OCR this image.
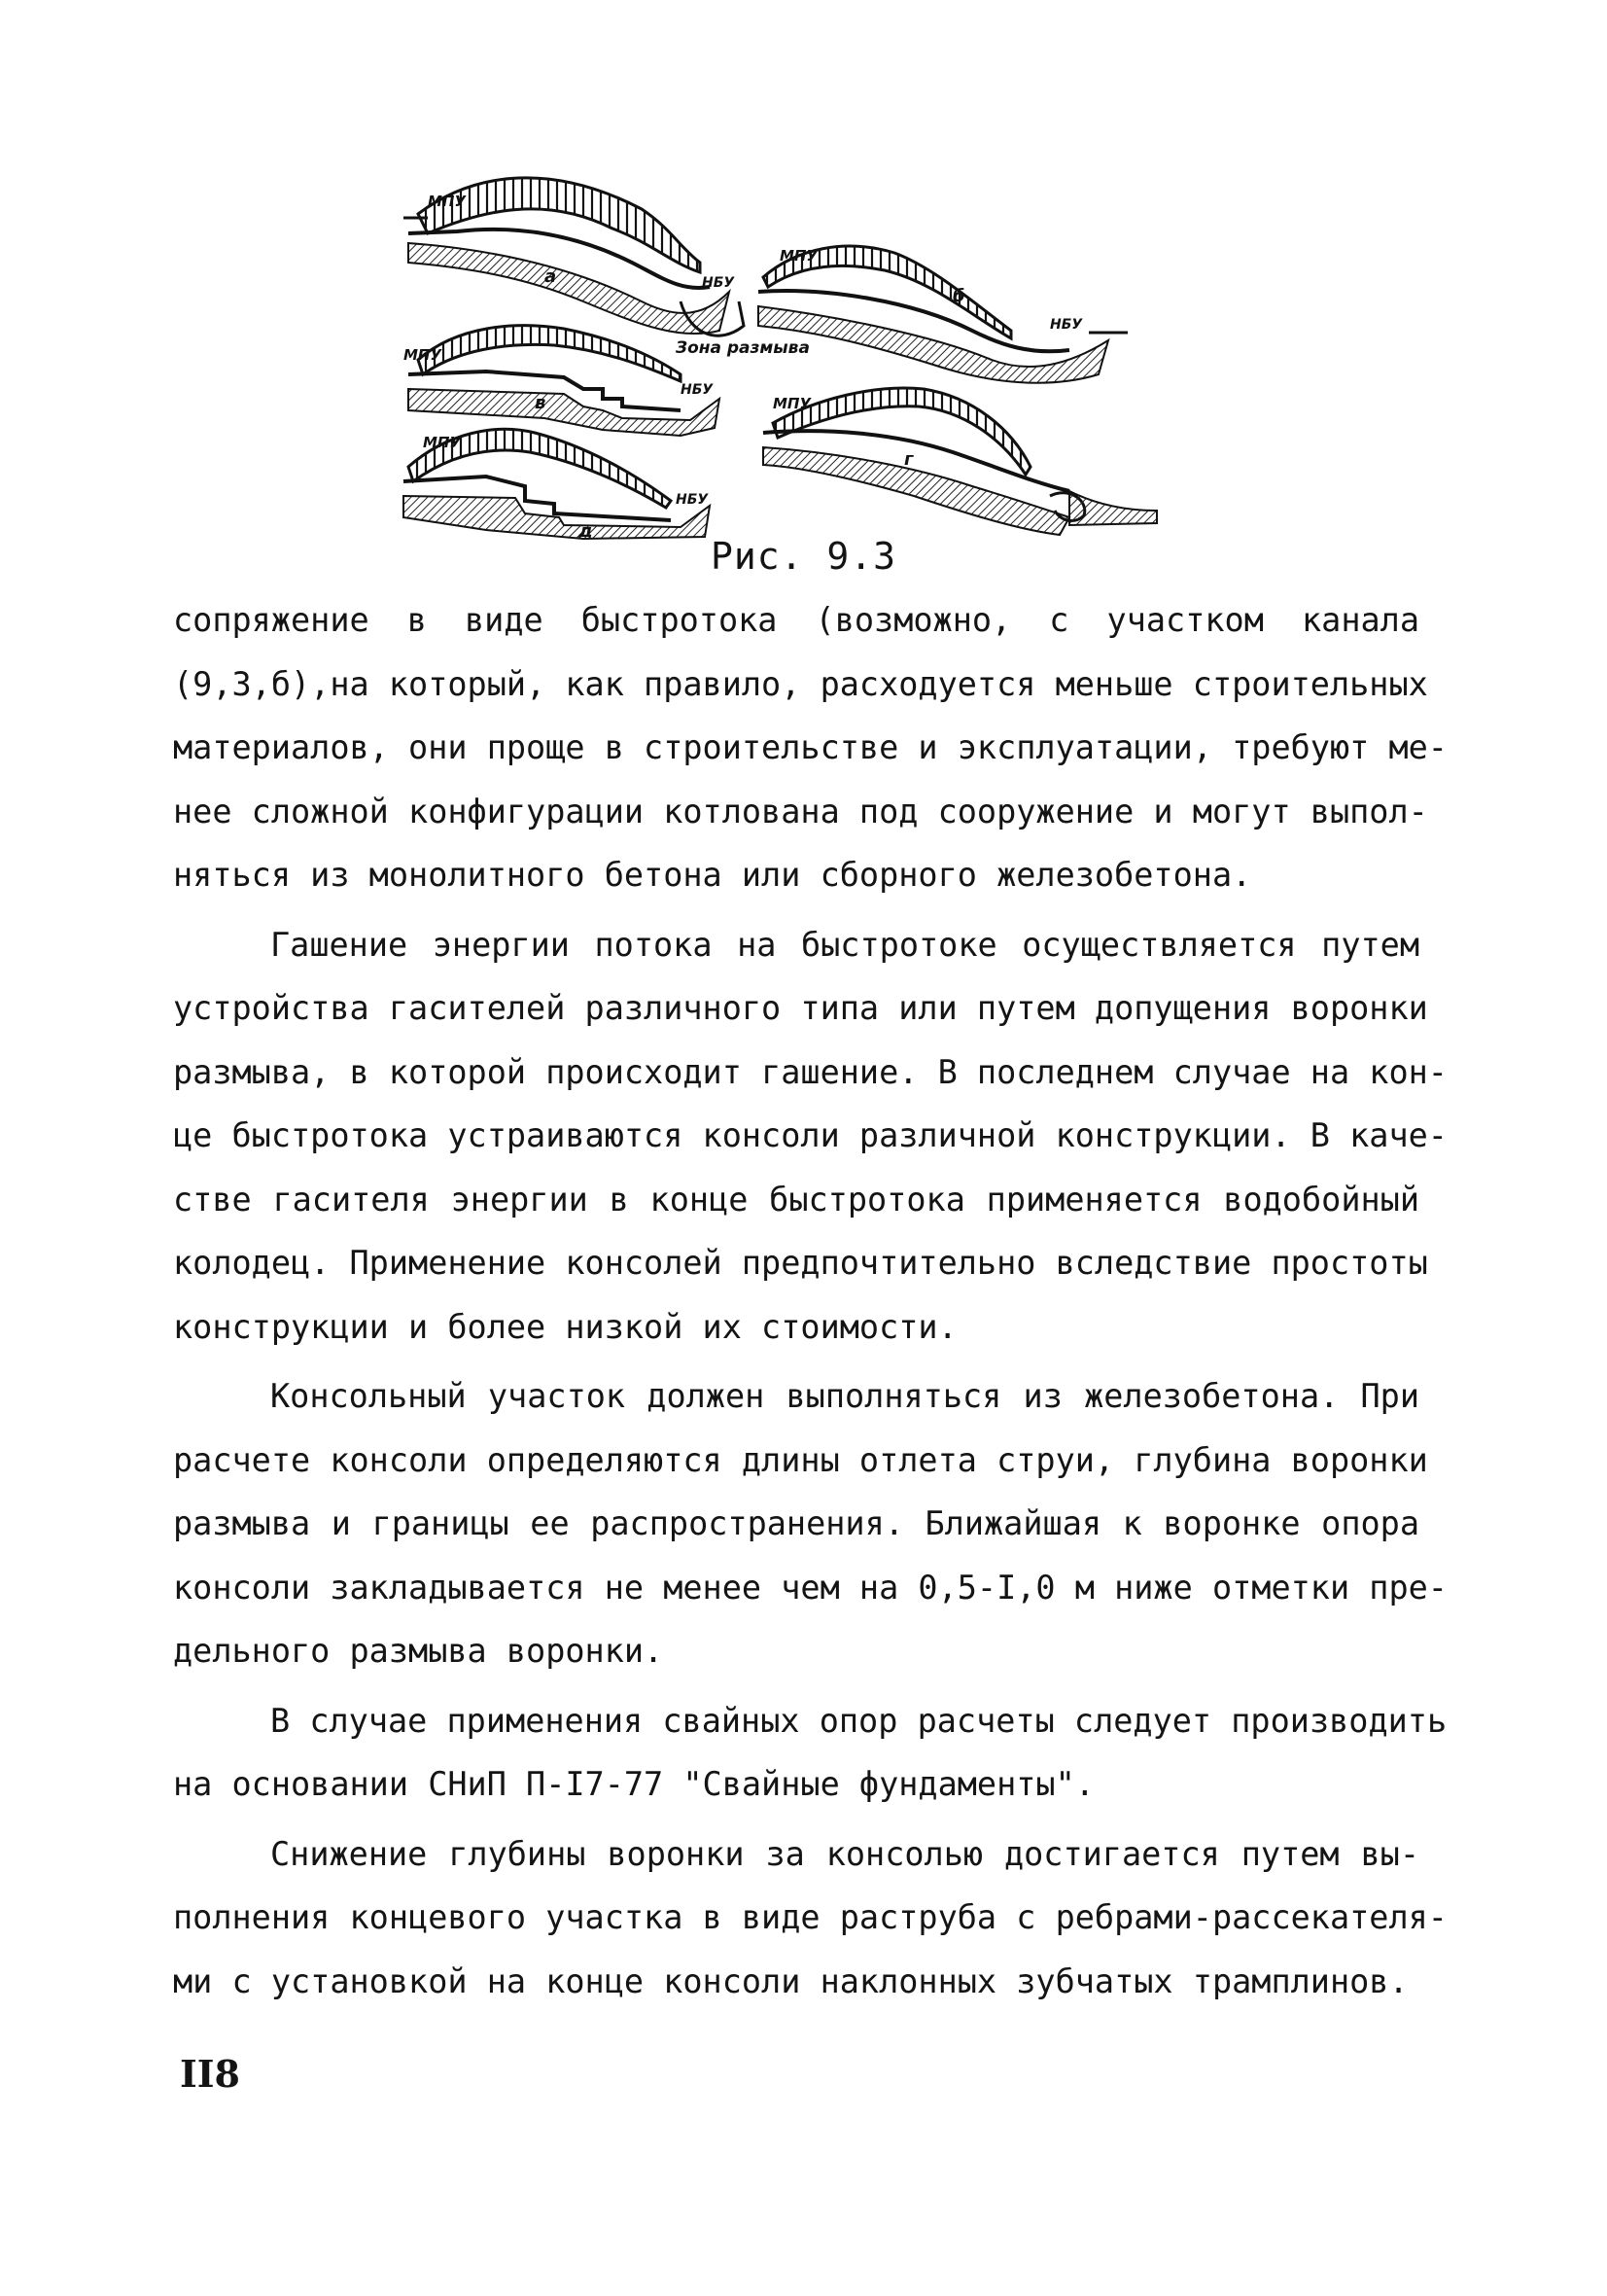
МПУ
НБУ
а
МПУ
НБУ
б
Зона размыва
МПУ
НБУ
в	МПУ
г
МПУ
НБУ
д
Рис. 9.3
сопряжение в виде быстротока (возможно, с участком канала
(9,3,б),на который, как правило, расходуется меньше строительных
материалов, они проще в строительстве и эксплуатации, требуют ме-
нее сложной конфигурации котлована под сооружение и могут выпол-
няться из монолитного бетона или сборного железобетона.
Гашение энергии потока на быстротоке осуществляется путем
устройства гасителей различного типа или путем допущения воронки
размыва, в которой происходит гашение. В последнем случае на кон-
це быстротока устраиваются консоли различной конструкции. В каче-
стве гасителя энергии в конце быстротока применяется водобойный
колодец. Применение консолей предпочтительно вследствие простоты
конструкции и более низкой их стоимости.
Консольный участок должен выполняться из железобетона. При
расчете консоли определяются длины отлета струи, глубина воронки
размыва и границы ее распространения. Ближайшая к воронке опора
консоли закладывается не менее чем на 0,5-I,0 м ниже отметки пре-
дельного размыва воронки.
В случае применения свайных опор расчеты следует производить
на основании СНиП П-I7-77 "Свайные фундаменты".
Снижение глубины воронки за консолью достигается путем вы-
полнения концевого участка в виде раструба с ребрами-рассекателя-
ми с установкой на конце консоли наклонных зубчатых трамплинов.
II8
